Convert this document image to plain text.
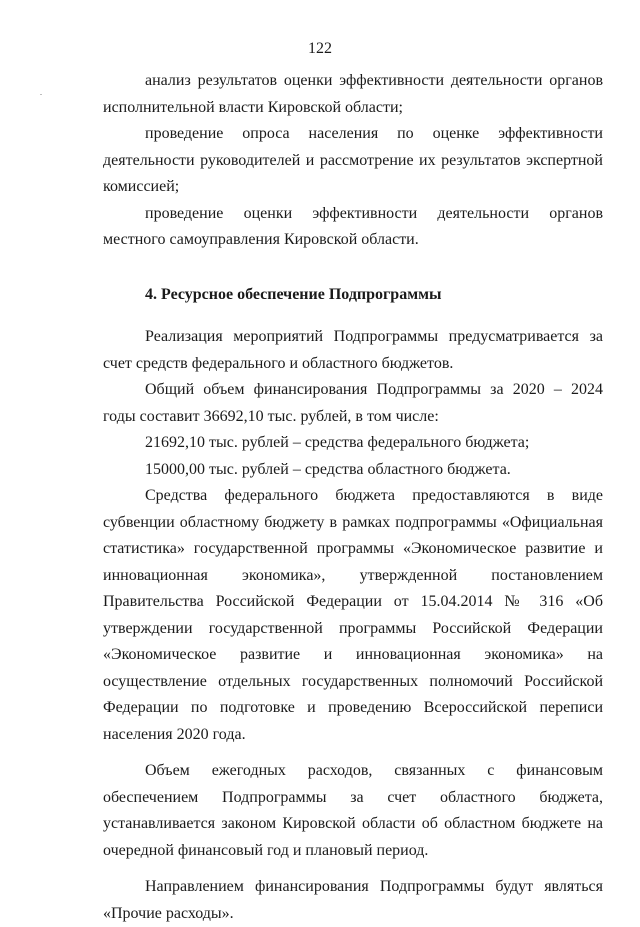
122

анализ результатов оценки эффективности деятельности органов исполнительной власти Кировской области;

проведение опроса населения по оценке эффективности деятельности руководителей и рассмотрение их результатов экспертной комиссией;

проведение оценки эффективности деятельности органов местного самоуправления Кировской области.

4. Ресурсное обеспечение Подпрограммы

Реализация мероприятий Подпрограммы предусматривается за счет средств федерального и областного бюджетов.

Общий объем финансирования Подпрограммы за 2020 – 2024 годы составит 36692,10 тыс. рублей, в том числе:

21692,10 тыс. рублей – средства федерального бюджета;

15000,00 тыс. рублей – средства областного бюджета.

Средства федерального бюджета предоставляются в виде субвенции областному бюджету в рамках подпрограммы «Официальная статистика» государственной программы «Экономическое развитие и инновационная экономика», утвержденной постановлением Правительства Российской Федерации от 15.04.2014 № 316 «Об утверждении государственной программы Российской Федерации «Экономическое развитие и инновационная экономика» на осуществление отдельных государственных полномочий Российской Федерации по подготовке и проведению Всероссийской переписи населения 2020 года.

Объем ежегодных расходов, связанных с финансовым обеспечением Подпрограммы за счет областного бюджета, устанавливается законом Кировской области об областном бюджете на очередной финансовый год и плановый период.

Направлением финансирования Подпрограммы будут являться «Прочие расходы».

.
